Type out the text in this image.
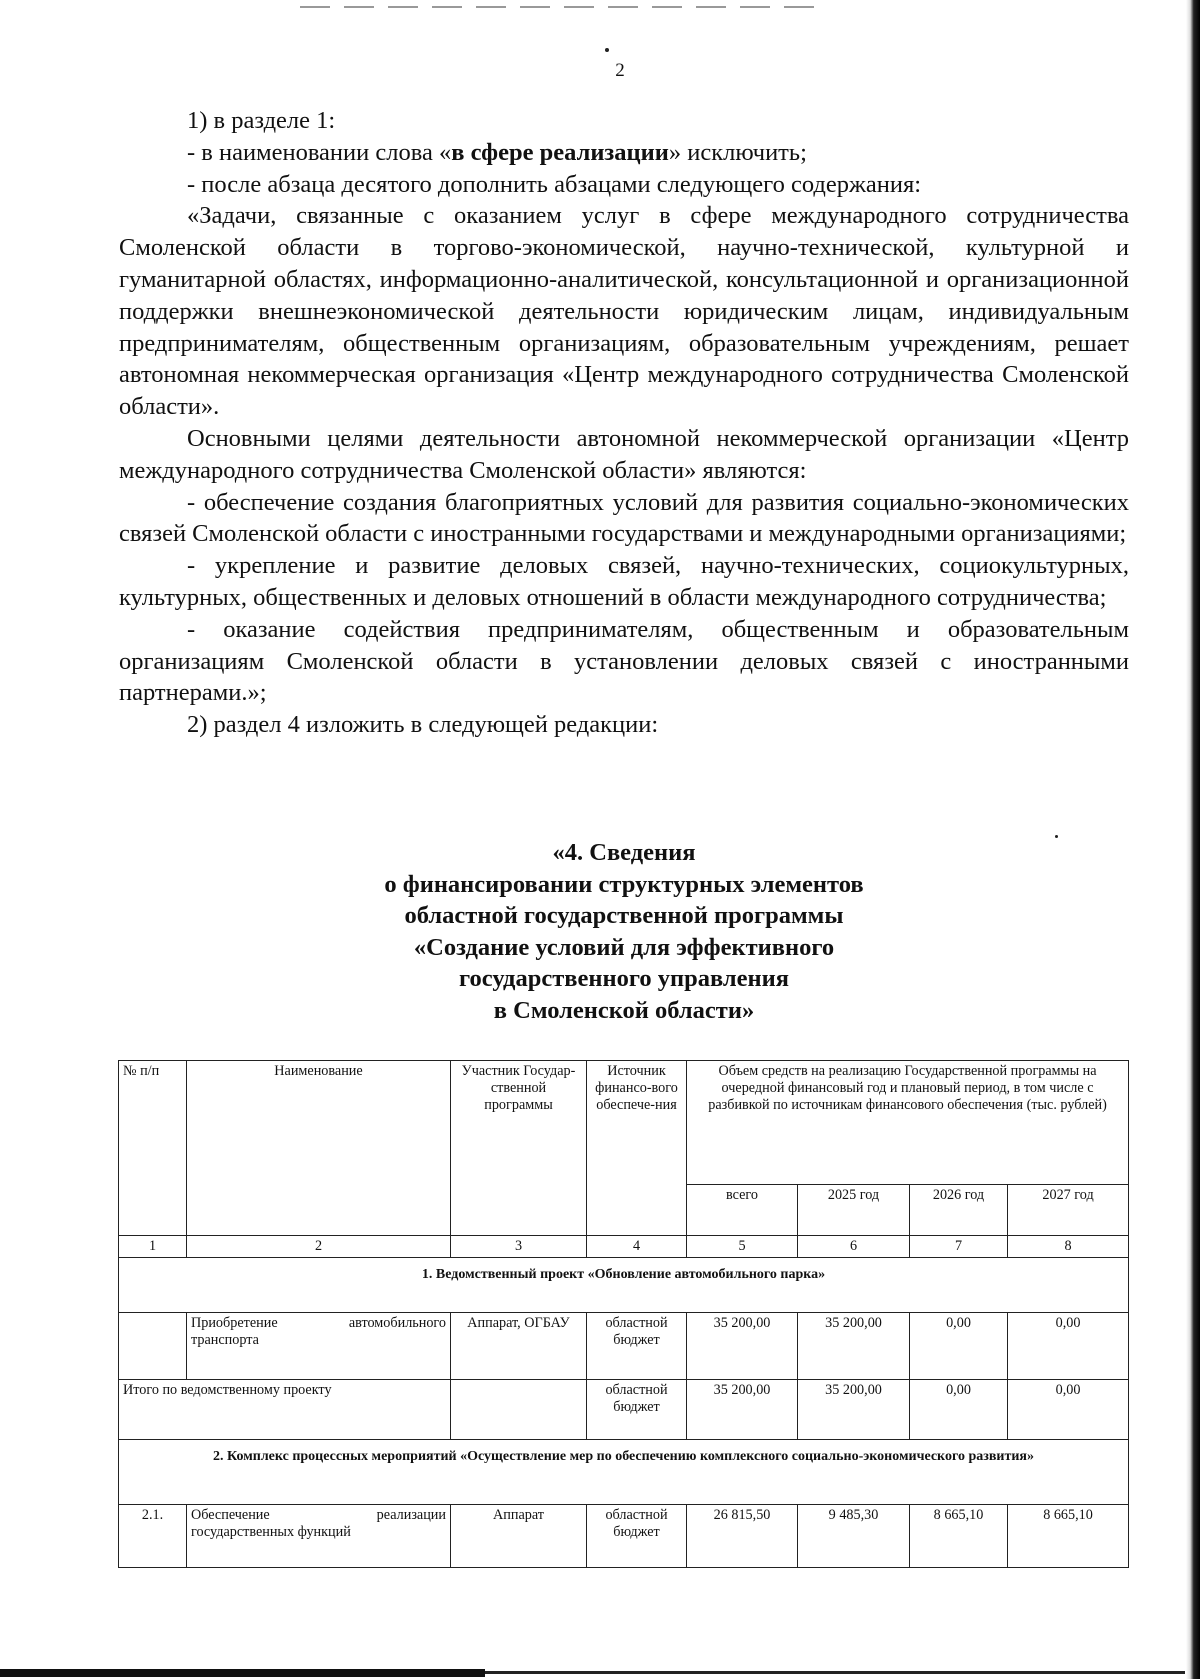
2

1) в разделе 1:

- в наименовании слова «в сфере реализации» исключить;

- после абзаца десятого дополнить абзацами следующего содержания:

«Задачи, связанные с оказанием услуг в сфере международного сотрудничества Смоленской области в торгово-экономической, научно-технической, культурной и гуманитарной областях, информационно-аналитической, консультационной и организационной поддержки внешнеэкономической деятельности юридическим лицам, индивидуальным предпринимателям, общественным организациям, образовательным учреждениям, решает автономная некоммерческая организация «Центр международного сотрудничества Смоленской области».

Основными целями деятельности автономной некоммерческой организации «Центр международного сотрудничества Смоленской области» являются:

- обеспечение создания благоприятных условий для развития социально-экономических связей Смоленской области с иностранными государствами и международными организациями;

- укрепление и развитие деловых связей, научно-технических, социокультурных, культурных, общественных и деловых отношений в области международного сотрудничества;

- оказание содействия предпринимателям, общественным и образовательным организациям Смоленской области в установлении деловых связей с иностранными партнерами.»;

2) раздел 4 изложить в следующей редакции:

«4. Сведения
о финансировании структурных элементов
областной государственной программы
«Создание условий для эффективного
государственного управления
в Смоленской области»
№ п/п	Наименование	Участник Государ-ственной программы	Источник финансо-вого обеспече-ния	Объем средств на реализацию Государственной программы на очередной финансовый год и плановый период, в том числе с разбивкой по источникам финансового обеспечения (тыс. рублей)			
				всего	2025 год	2026 год	2027 год
1	2	3	4	5	6	7	8
1. Ведомственный проект «Обновление автомобильного парка»							
	Приобретение автомобильного транспорта	Аппарат, ОГБАУ	областной бюджет	35 200,00	35 200,00	0,00	0,00
Итого по ведомственному проекту			областной бюджет	35 200,00	35 200,00	0,00	0,00
2. Комплекс процессных мероприятий «Осуществление мер по обеспечению комплексного социально-экономического развития»							
2.1.	Обеспечение реализации государственных функций	Аппарат	областной бюджет	26 815,50	9 485,30	8 665,10	8 665,10
